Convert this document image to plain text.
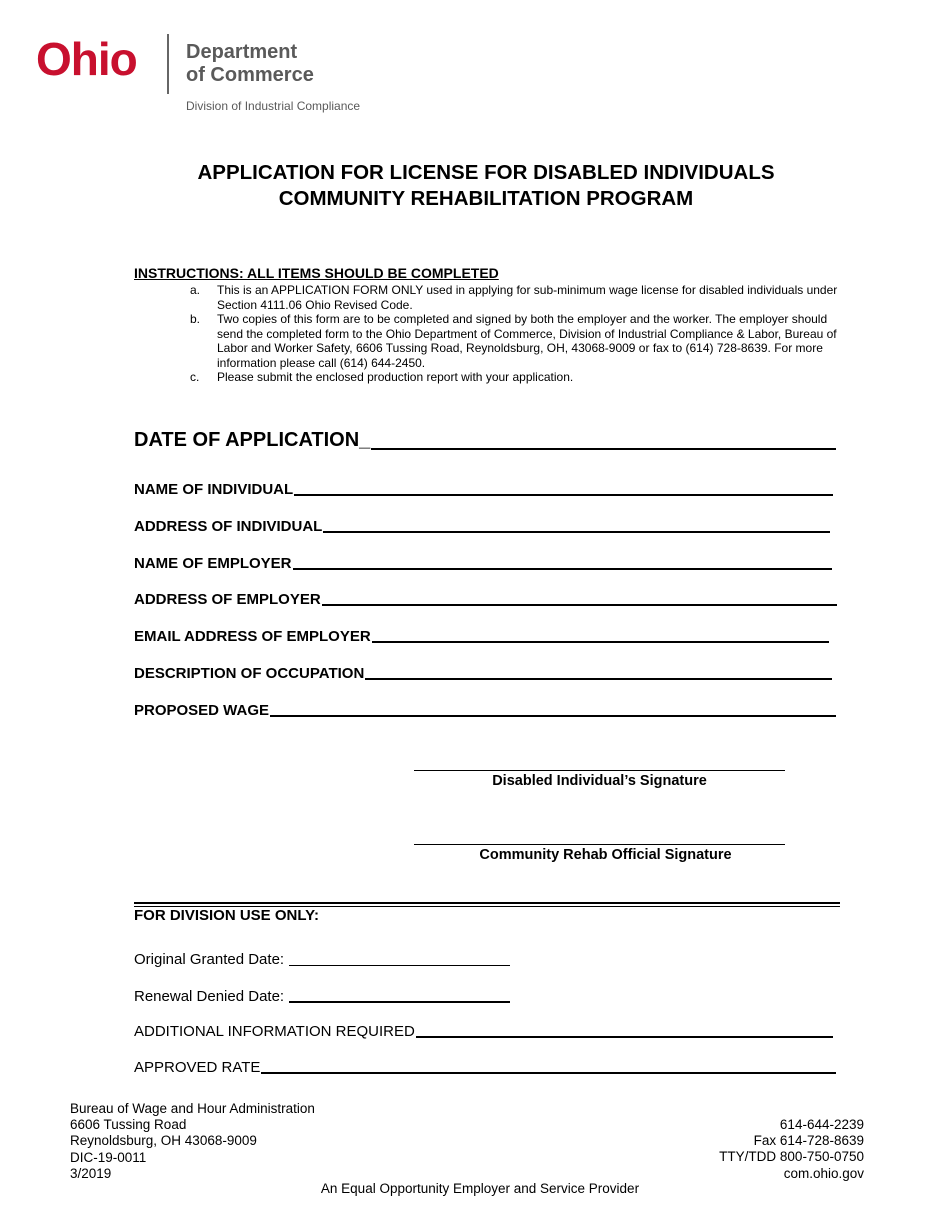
Ohio Department
of Commerce
Division of Industrial Compliance
APPLICATION FOR LICENSE FOR DISABLED INDIVIDUALS
COMMUNITY REHABILITATION PROGRAM
INSTRUCTIONS: ALL ITEMS SHOULD BE COMPLETED
a.	This is an APPLICATION FORM ONLY used in applying for sub-minimum wage license for disabled individuals under Section 4111.06 Ohio Revised Code.
b.	Two copies of this form are to be completed and signed by both the employer and the worker. The employer should send the completed form to the Ohio Department of Commerce, Division of Industrial Compliance & Labor, Bureau of Labor and Worker Safety, 6606 Tussing Road, Reynoldsburg, OH, 43068-9009 or fax to (614) 728-8639. For more information please call (614) 644-2450.
c.	Please submit the enclosed production report with your application.
DATE OF APPLICATION_
NAME OF INDIVIDUAL
ADDRESS OF INDIVIDUAL
NAME OF EMPLOYER
ADDRESS OF EMPLOYER
EMAIL ADDRESS OF EMPLOYER
DESCRIPTION OF OCCUPATION
PROPOSED WAGE
Disabled Individual’s Signature
Community Rehab Official Signature
FOR DIVISION USE ONLY:
Original Granted Date:
Renewal Denied Date:
ADDITIONAL INFORMATION REQUIRED
APPROVED RATE
Bureau of Wage and Hour Administration
6606 Tussing Road
Reynoldsburg, OH 43068-9009
DIC-19-0011
3/2019
614-644-2239
Fax 614-728-8639
TTY/TDD 800-750-0750
com.ohio.gov
An Equal Opportunity Employer and Service Provider
